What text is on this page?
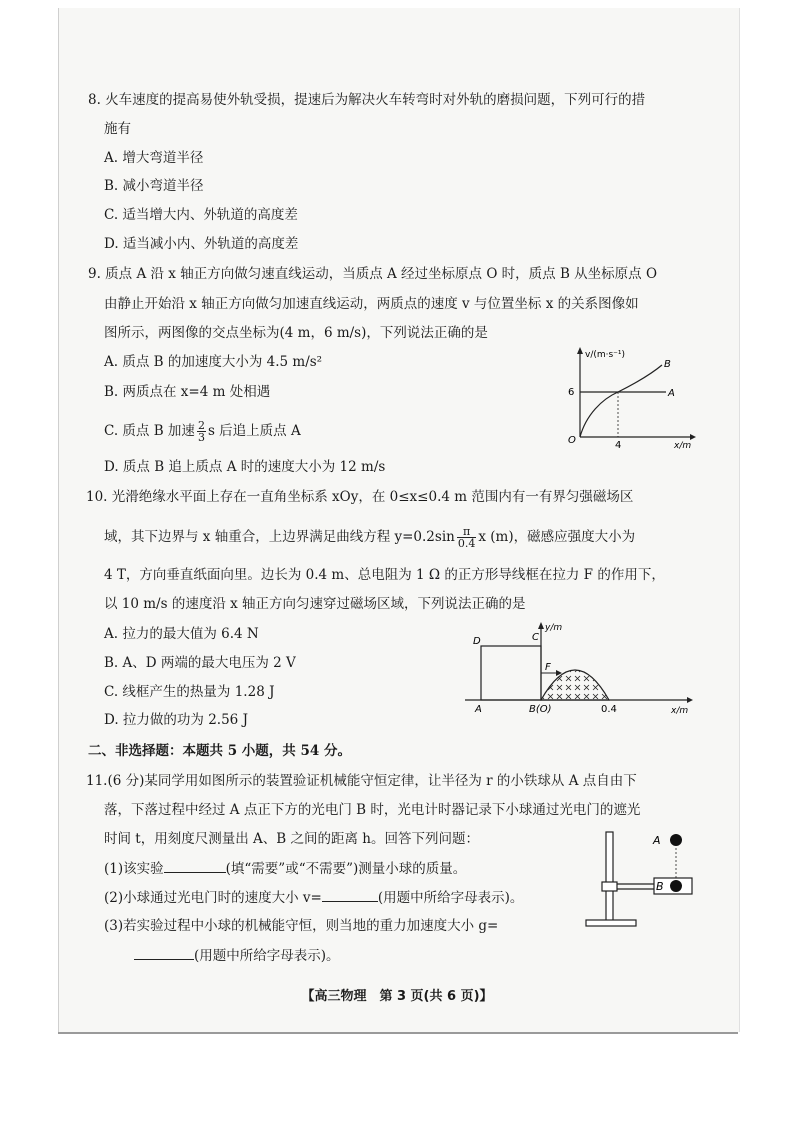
8. 火车速度的提高易使外轨受损，提速后为解决火车转弯时对外轨的磨损问题，下列可行的措
施有
A. 增大弯道半径
B. 减小弯道半径
C. 适当增大内、外轨道的高度差
D. 适当减小内、外轨道的高度差
9. 质点 A 沿 x 轴正方向做匀速直线运动，当质点 A 经过坐标原点 O 时，质点 B 从坐标原点 O
由静止开始沿 x 轴正方向做匀加速直线运动，两质点的速度 v 与位置坐标 x 的关系图像如
图所示，两图像的交点坐标为(4 m，6 m/s)，下列说法正确的是
A. 质点 B 的加速度大小为 4.5 m/s²
B. 两质点在 x=4 m 处相遇
C. 质点 B 加速 $\frac{2}{3}$ s 后追上质点 A
D. 质点 B 追上质点 A 时的速度大小为 12 m/s
v/(m·s⁻¹)
6
4
O
A
B
x/m
10. 光滑绝缘水平面上存在一直角坐标系 xOy，在 0≤x≤0.4 m 范围内有一有界匀强磁场区
域，其下边界与 x 轴重合，上边界满足曲线方程 $y=0.2\sin \frac{\pi}{0.4}$ x (m)，磁感应强度大小为
4 T，方向垂直纸面向里。边长为 0.4 m、总电阻为 1 Ω 的正方形导线框在拉力 F 的作用下，
以 10 m/s 的速度沿 x 轴正方向匀速穿过磁场区域，下列说法正确的是
A. 拉力的最大值为 6.4 N
B. A、D 两端的最大电压为 2 V
C. 线框产生的热量为 1.28 J
D. 拉力做的功为 2.56 J
D	C
F
y/m
A	B(O)	0.4	x/m
二、非选择题：本题共 5 小题，共 54 分。
11.(6 分)某同学用如图所示的装置验证机械能守恒定律，让半径为 r 的小铁球从 A 点自由下
落，下落过程中经过 A 点正下方的光电门 B 时，光电计时器记录下小球通过光电门的遮光
时间 t，用刻度尺测量出 A、B 之间的距离 h。回答下列问题：
(1)该实验	(填“需要”或“不需要”)测量小球的质量。
(2)小球通过光电门时的速度大小 v=	(用题中所给字母表示)。
(3)若实验过程中小球的机械能守恒，则当地的重力加速度大小 g=
(用题中所给字母表示)。
A
B
【高三物理　第 3 页(共 6 页)】
